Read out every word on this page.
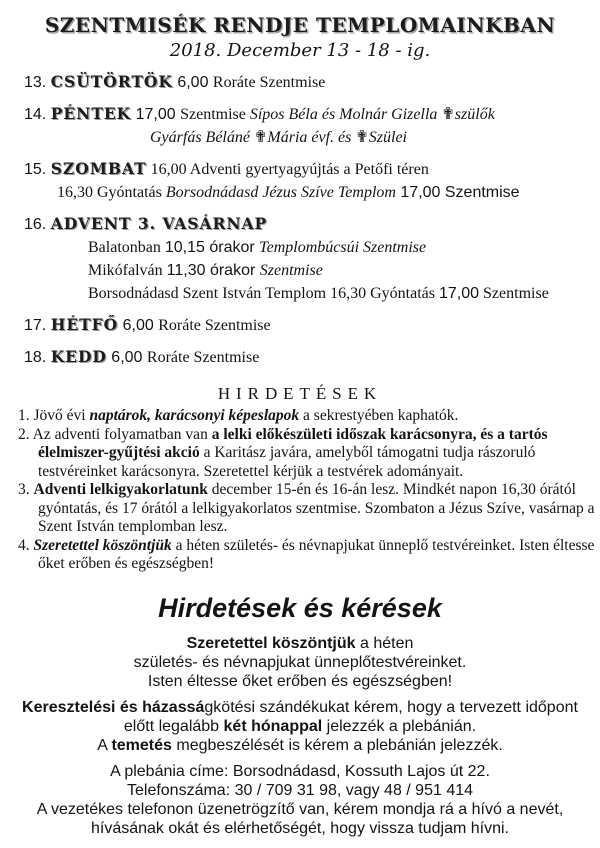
SZENTMISÉK RENDJE TEMPLOMAINKBAN
2018. December 13 - 18 - ig.
13. CSÜTÖRTÖK 6,00 Roráte Szentmise
14. PÉNTEK 17,00 Szentmise Sípos Béla és Molnár Gizella ✟szülők
Gyárfás Béláné ✟Mária évf. és ✟Szülei
15. SZOMBAT 16,00 Adventi gyertyagyújtás a Petőfi téren
16,30 Gyóntatás Borsodnádasd Jézus Szíve Templom 17,00 Szentmise
16. ADVENT 3. VASÁRNAP
Balatonban 10,15 órakor Templombúcsúi Szentmise
Mikófalván 11,30 órakor Szentmise
Borsodnádasd Szent István Templom 16,30 Gyóntatás 17,00 Szentmise
17. HÉTFŐ 6,00 Roráte Szentmise
18. KEDD 6,00 Roráte Szentmise
HIRDETÉSEK
1. Jövő évi naptárok, karácsonyi képeslapok a sekrestyében kaphatók.
2. Az adventi folyamatban van a lelki előkészületi időszak karácsonyra, és a tartós élelmiszer-gyűjtési akció a Karitász javára, amelyből támogatni tudja rászoruló testvéreinket karácsonyra. Szeretettel kérjük a testvérek adományait.
3. Adventi lelkigyakorlatunk december 15-én és 16-án lesz. Mindkét napon 16,30 órától gyóntatás, és 17 órától a lelkigyakorlatos szentmise. Szombaton a Jézus Szíve, vasárnap a Szent István templomban lesz.
4. Szeretettel köszöntjük a héten születés- és névnapjukat ünneplő testvéreinket. Isten éltesse őket erőben és egészségben!
Hirdetések és kérések
Szeretettel köszöntjük a héten
születés- és névnapjukat ünneplőtestvéreinket.
Isten éltesse őket erőben és egészségben!
Keresztelési és házasságkötési szándékukat kérem, hogy a tervezett időpont
előtt legalább két hónappal jelezzék a plebánián.
A temetés megbeszélését is kérem a plebánián jelezzék.
A plebánia címe: Borsodnádasd, Kossuth Lajos út 22.
Telefonszáma: 30 / 709 31 98, vagy 48 / 951 414
A vezetékes telefonon üzenetrögzítő van, kérem mondja rá a hívó a nevét,
hívásának okát és elérhetőségét, hogy vissza tudjam hívni.
